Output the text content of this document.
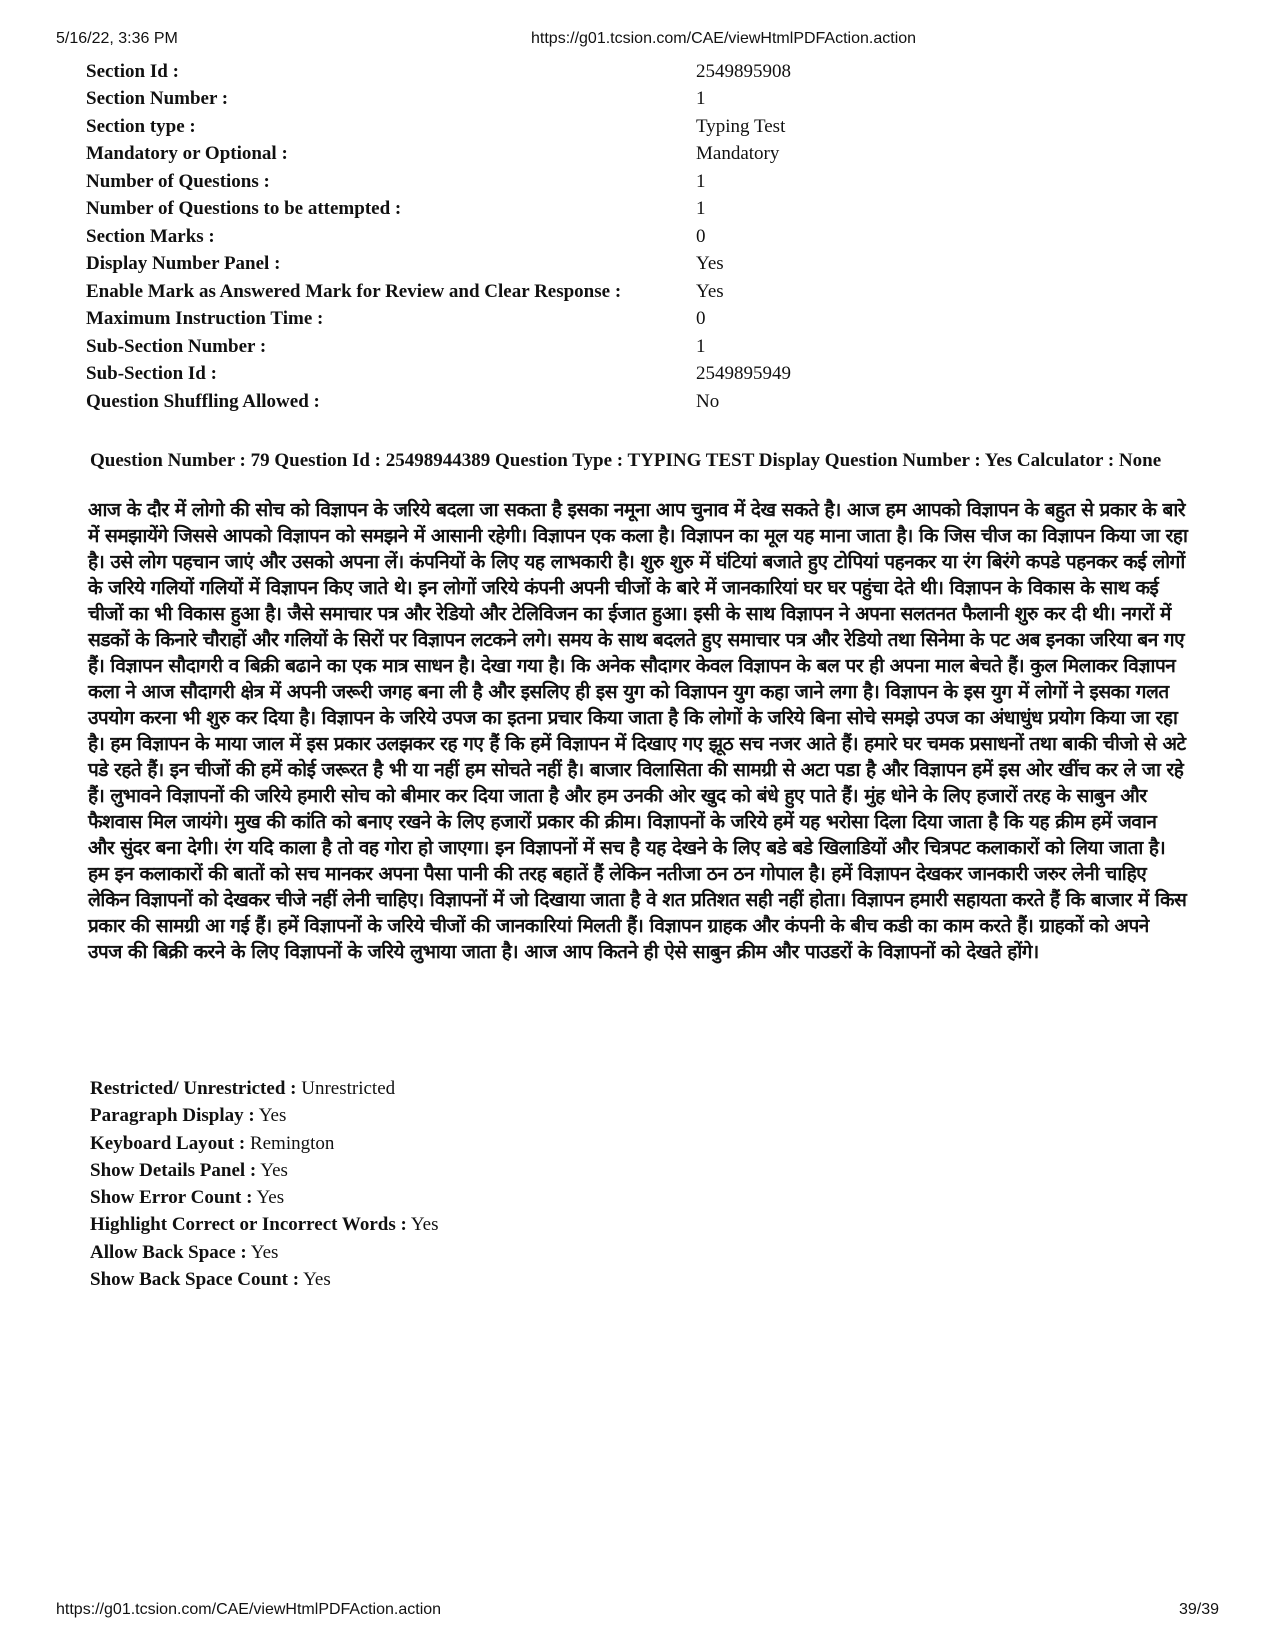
5/16/22, 3:36 PM	https://g01.tcsion.com/CAE/viewHtmlPDFAction.action
Section Id :	2549895908
Section Number :	1
Section type :	Typing Test
Mandatory or Optional :	Mandatory
Number of Questions :	1
Number of Questions to be attempted :	1
Section Marks :	0
Display Number Panel :	Yes
Enable Mark as Answered Mark for Review and Clear Response :	Yes
Maximum Instruction Time :	0
Sub-Section Number :	1
Sub-Section Id :	2549895949
Question Shuffling Allowed :	No
Question Number : 79 Question Id : 25498944389 Question Type : TYPING TEST Display Question Number : Yes Calculator : None
आज के दौर में लोगो की सोच को विज्ञापन के जरिये बदला जा सकता है इसका नमूना आप चुनाव में देख सकते है। आज हम आपको विज्ञापन के बहुत से प्रकार के बारे में समझायेंगे जिससे आपको विज्ञापन को समझने में आसानी रहेगी। विज्ञापन एक कला है। विज्ञापन का मूल यह माना जाता है। कि जिस चीज का विज्ञापन किया जा रहा है। उसे लोग पहचान जाएं और उसको अपना लें। कंपनियों के लिए यह लाभकारी है। शुरु शुरु में घंटियां बजाते हुए टोपियां पहनकर या रंग बिरंगे कपडे पहनकर कई लोगों के जरिये गलियों गलियों में विज्ञापन किए जाते थे। इन लोगों जरिये कंपनी अपनी चीजों के बारे में जानकारियां घर घर पहुंचा देते थी। विज्ञापन के विकास के साथ कई चीजों का भी विकास हुआ है। जैसे समाचार पत्र और रेडियो और टेलिविजन का ईजात हुआ। इसी के साथ विज्ञापन ने अपना सलतनत फैलानी शुरु कर दी थी। नगरों में सडकों के किनारे चौराहों और गलियों के सिरों पर विज्ञापन लटकने लगे। समय के साथ बदलते हुए समाचार पत्र और रेडियो तथा सिनेमा के पट अब इनका जरिया बन गए हैं। विज्ञापन सौदागरी व बिक्री बढाने का एक मात्र साधन है। देखा गया है। कि अनेक सौदागर केवल विज्ञापन के बल पर ही अपना माल बेचते हैं। कुल मिलाकर विज्ञापन कला ने आज सौदागरी क्षेत्र में अपनी जरूरी जगह बना ली है और इसलिए ही इस युग को विज्ञापन युग कहा जाने लगा है। विज्ञापन के इस युग में लोगों ने इसका गलत उपयोग करना भी शुरु कर दिया है। विज्ञापन के जरिये उपज का इतना प्रचार किया जाता है कि लोगों के जरिये बिना सोचे समझे उपज का अंधाधुंध प्रयोग किया जा रहा है। हम विज्ञापन के माया जाल में इस प्रकार उलझकर रह गए हैं कि हमें विज्ञापन में दिखाए गए झूठ सच नजर आते हैं। हमारे घर चमक प्रसाधनों तथा बाकी चीजो से अटे पडे रहते हैं। इन चीजों की हमें कोई जरूरत है भी या नहीं हम सोचते नहीं है। बाजार विलासिता की सामग्री से अटा पडा है और विज्ञापन हमें इस ओर खींच कर ले जा रहे हैं। लुभावने विज्ञापनों की जरिये हमारी सोच को बीमार कर दिया जाता है और हम उनकी ओर खुद को बंधे हुए पाते हैं। मुंह धोने के लिए हजारों तरह के साबुन और फैशवास मिल जायंगे। मुख की कांति को बनाए रखने के लिए हजारों प्रकार की क्रीम। विज्ञापनों के जरिये हमें यह भरोसा दिला दिया जाता है कि यह क्रीम हमें जवान और सुंदर बना देगी। रंग यदि काला है तो वह गोरा हो जाएगा। इन विज्ञापनों में सच है यह देखने के लिए बडे बडे खिलाडियों और चित्रपट कलाकारों को लिया जाता है। हम इन कलाकारों की बातों को सच मानकर अपना पैसा पानी की तरह बहातें हैं लेकिन नतीजा ठन ठन गोपाल है। हमें विज्ञापन देखकर जानकारी जरुर लेनी चाहिए लेकिन विज्ञापनों को देखकर चीजे नहीं लेनी चाहिए। विज्ञापनों में जो दिखाया जाता है वे शत प्रतिशत सही नहीं होता। विज्ञापन हमारी सहायता करते हैं कि बाजार में किस प्रकार की सामग्री आ गई हैं। हमें विज्ञापनों के जरिये चीजों की जानकारियां मिलती हैं। विज्ञापन ग्राहक और कंपनी के बीच कडी का काम करते हैं। ग्राहकों को अपने उपज की बिक्री करने के लिए विज्ञापनों के जरिये लुभाया जाता है। आज आप कितने ही ऐसे साबुन क्रीम और पाउडरों के विज्ञापनों को देखते होंगे।
Restricted/ Unrestricted : Unrestricted
Paragraph Display : Yes
Keyboard Layout : Remington
Show Details Panel : Yes
Show Error Count : Yes
Highlight Correct or Incorrect Words : Yes
Allow Back Space : Yes
Show Back Space Count : Yes
https://g01.tcsion.com/CAE/viewHtmlPDFAction.action	39/39
